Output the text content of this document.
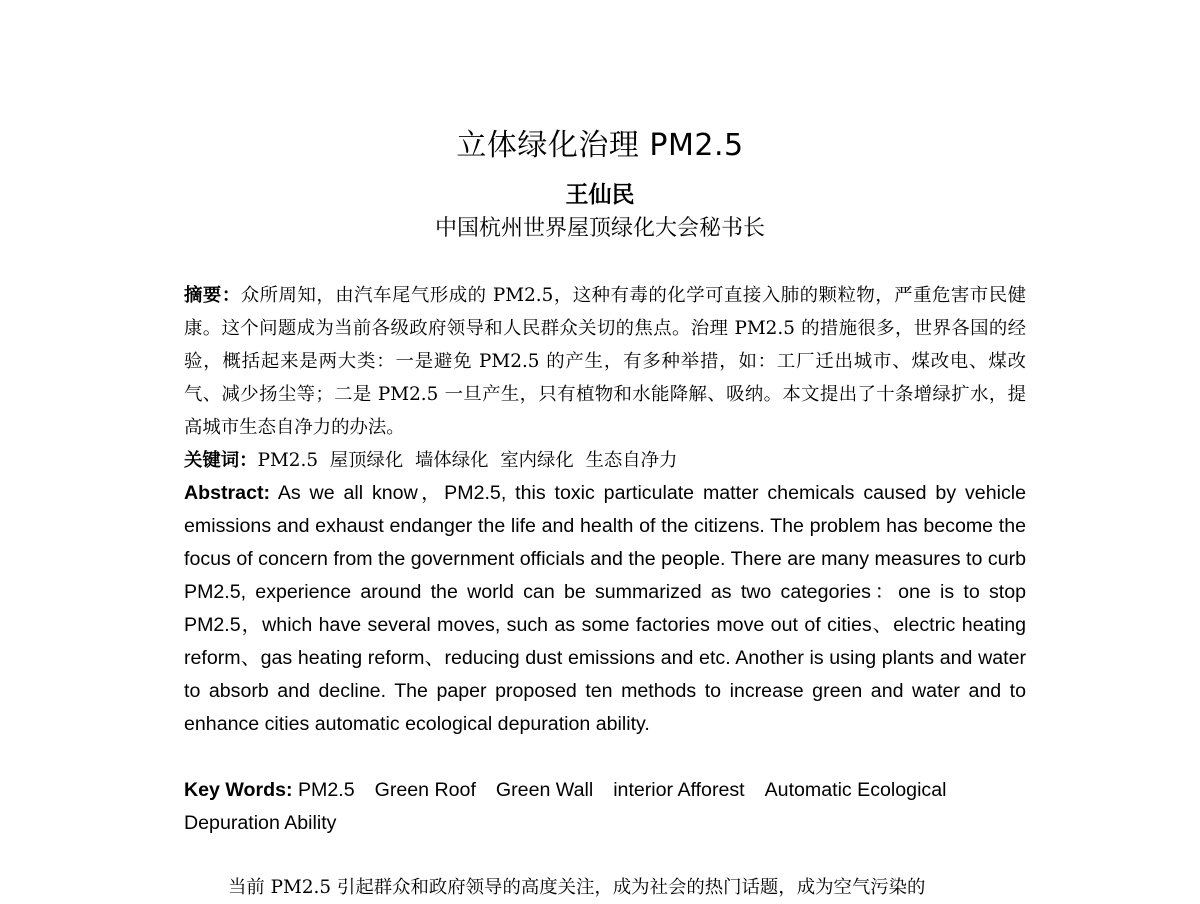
立体绿化治理 PM2.5
王仙民
中国杭州世界屋顶绿化大会秘书长
摘要：众所周知，由汽车尾气形成的 PM2.5，这种有毒的化学可直接入肺的颗粒物，严重危害市民健康。这个问题成为当前各级政府领导和人民群众关切的焦点。治理 PM2.5 的措施很多，世界各国的经验，概括起来是两大类：一是避免 PM2.5 的产生，有多种举措，如：工厂迁出城市、煤改电、煤改气、减少扬尘等；二是 PM2.5 一旦产生，只有植物和水能降解、吸纳。本文提出了十条增绿扩水，提高城市生态自净力的办法。
关键词：PM2.5  屋顶绿化  墙体绿化  室内绿化  生态自净力
Abstract: As we all know，PM2.5, this toxic particulate matter chemicals caused by vehicle emissions and exhaust endanger the life and health of the citizens. The problem has become the focus of concern from the government officials and the people. There are many measures to curb PM2.5, experience around the world can be summarized as two categories：one is to stop PM2.5，which have several moves, such as some factories move out of cities、electric heating reform、gas heating reform、reducing dust emissions and etc. Another is using plants and water to absorb and decline. The paper proposed ten methods to increase green and water and to enhance cities automatic ecological depuration ability.
Key Words: PM2.5 Green Roof Green Wall interior Afforest Automatic Ecological Depuration Ability
当前 PM2.5 引起群众和政府领导的高度关注，成为社会的热门话题，成为空气污染的
